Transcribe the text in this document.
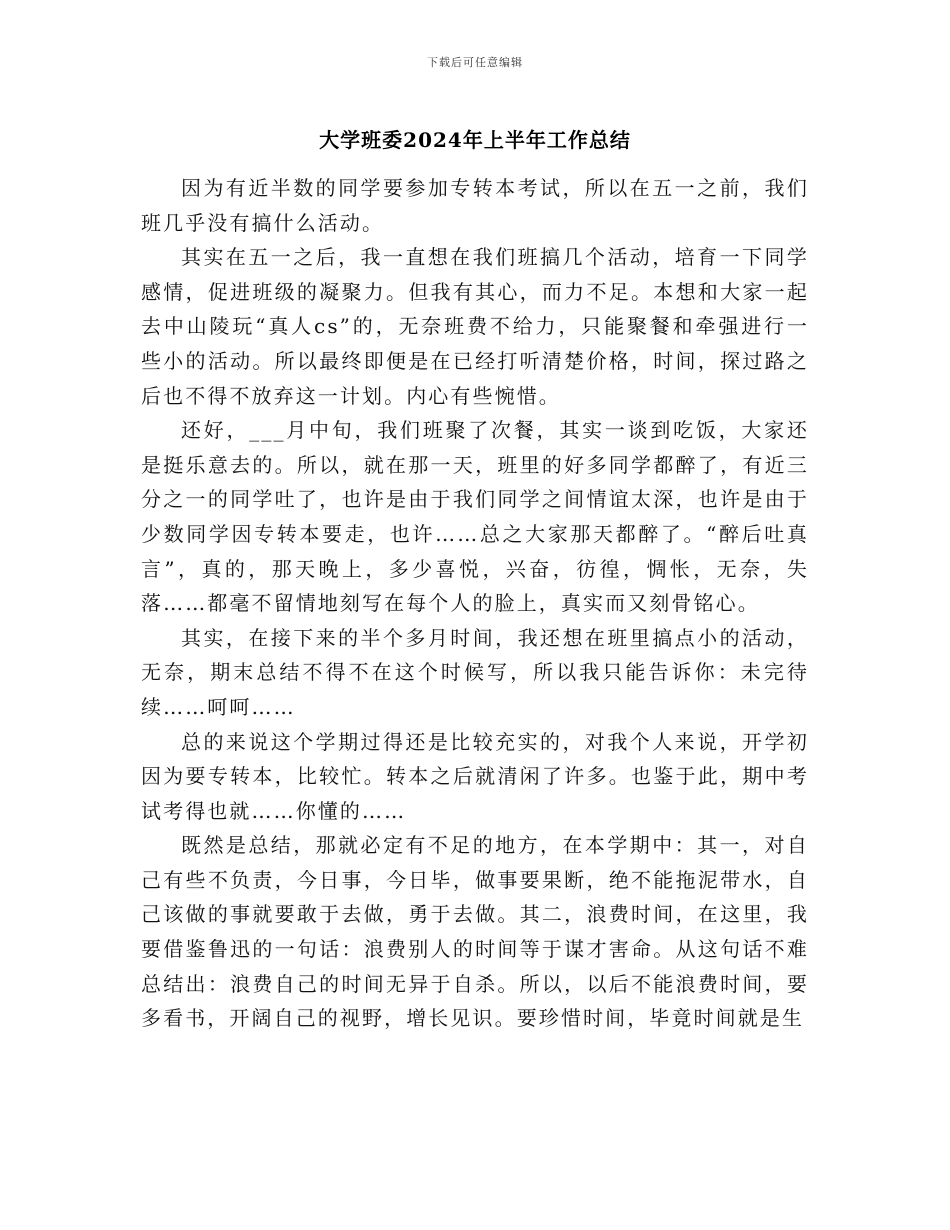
下载后可任意编辑
大学班委2024年上半年工作总结

因为有近半数的同学要参加专转本考试，所以在五一之前，我们班几乎没有搞什么活动。

其实在五一之后，我一直想在我们班搞几个活动，培育一下同学感情，促进班级的凝聚力。但我有其心，而力不足。本想和大家一起去中山陵玩“真人cs”的，无奈班费不给力，只能聚餐和牵强进行一些小的活动。所以最终即便是在已经打听清楚价格，时间，探过路之后也不得不放弃这一计划。内心有些惋惜。

还好，___月中旬，我们班聚了次餐，其实一谈到吃饭，大家还是挺乐意去的。所以，就在那一天，班里的好多同学都醉了，有近三分之一的同学吐了，也许是由于我们同学之间情谊太深，也许是由于少数同学因专转本要走，也许……总之大家那天都醉了。“醉后吐真言”，真的，那天晚上，多少喜悦，兴奋，彷徨，惆怅，无奈，失落……都毫不留情地刻写在每个人的脸上，真实而又刻骨铭心。

其实，在接下来的半个多月时间，我还想在班里搞点小的活动，无奈，期末总结不得不在这个时候写，所以我只能告诉你：未完待续……呵呵……

总的来说这个学期过得还是比较充实的，对我个人来说，开学初因为要专转本，比较忙。转本之后就清闲了许多。也鉴于此，期中考试考得也就……你懂的……

既然是总结，那就必定有不足的地方，在本学期中：其一，对自己有些不负责，今日事，今日毕，做事要果断，绝不能拖泥带水，自己该做的事就要敢于去做，勇于去做。其二，浪费时间，在这里，我要借鉴鲁迅的一句话：浪费别人的时间等于谋才害命。从这句话不难总结出：浪费自己的时间无异于自杀。所以，以后不能浪费时间，要多看书，开阔自己的视野，增长见识。要珍惜时间，毕竟时间就是生
